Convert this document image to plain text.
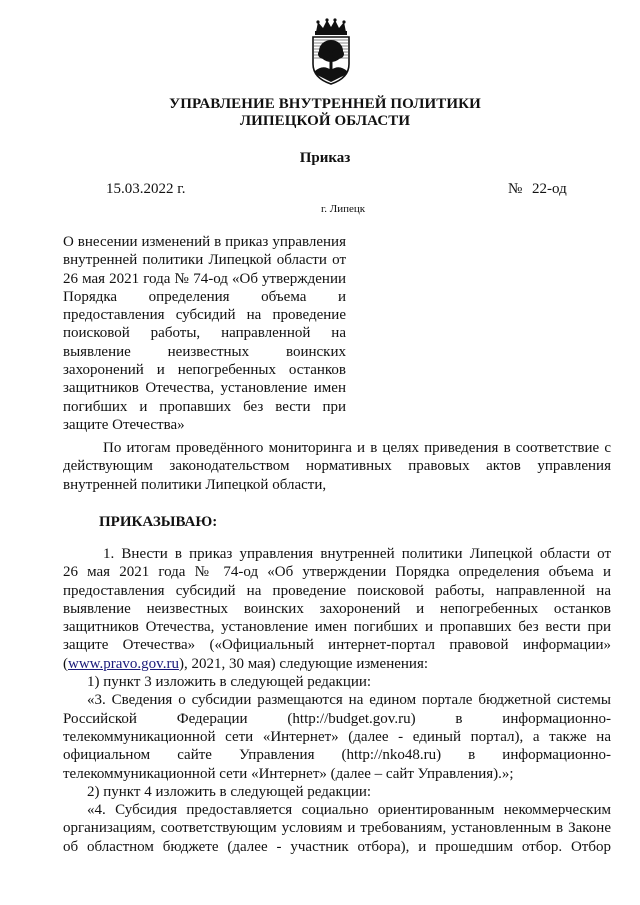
УПРАВЛЕНИЕ ВНУТРЕННЕЙ ПОЛИТИКИ
ЛИПЕЦКОЙ ОБЛАСТИ
Приказ
15.03.2022 г.	№ 22-од
г. Липецк
О внесении изменений в приказ управления
внутренней политики Липецкой области от
26 мая 2021 года № 74-од «Об утверждении
Порядка определения объема и
предоставления субсидий на проведение
поисковой работы, направленной на
выявление неизвестных воинских
захоронений и непогребенных останков
защитников Отечества, установление имен
погибших и пропавших без вести при
защите Отечества»
По итогам проведённого мониторинга и в целях приведения в соответствие с
действующим законодательством нормативных правовых актов управления
внутренней политики Липецкой области,
ПРИКАЗЫВАЮ:
1. Внести в приказ управления внутренней политики Липецкой области от
26 мая 2021 года № 74-од «Об утверждении Порядка определения объема и
предоставления субсидий на проведение поисковой работы, направленной на
выявление неизвестных воинских захоронений и непогребенных останков
защитников Отечества, установление имен погибших и пропавших без вести при
защите Отечества» («Официальный интернет-портал правовой информации»
(www.pravo.gov.ru), 2021, 30 мая) следующие изменения:
1) пункт 3 изложить в следующей редакции:
«3. Сведения о субсидии размещаются на едином портале бюджетной системы
Российской Федерации (http://budget.gov.ru) в информационно-
телекоммуникационной сети «Интернет» (далее - единый портал), а также на
официальном сайте Управления (http://nko48.ru) в информационно-
телекоммуникационной сети «Интернет» (далее – сайт Управления).»;
2) пункт 4 изложить в следующей редакции:
«4. Субсидия предоставляется социально ориентированным некоммерческим
организациям, соответствующим условиям и требованиям, установленным в Законе
об областном бюджете (далее - участник отбора), и прошедшим отбор. Отбор
